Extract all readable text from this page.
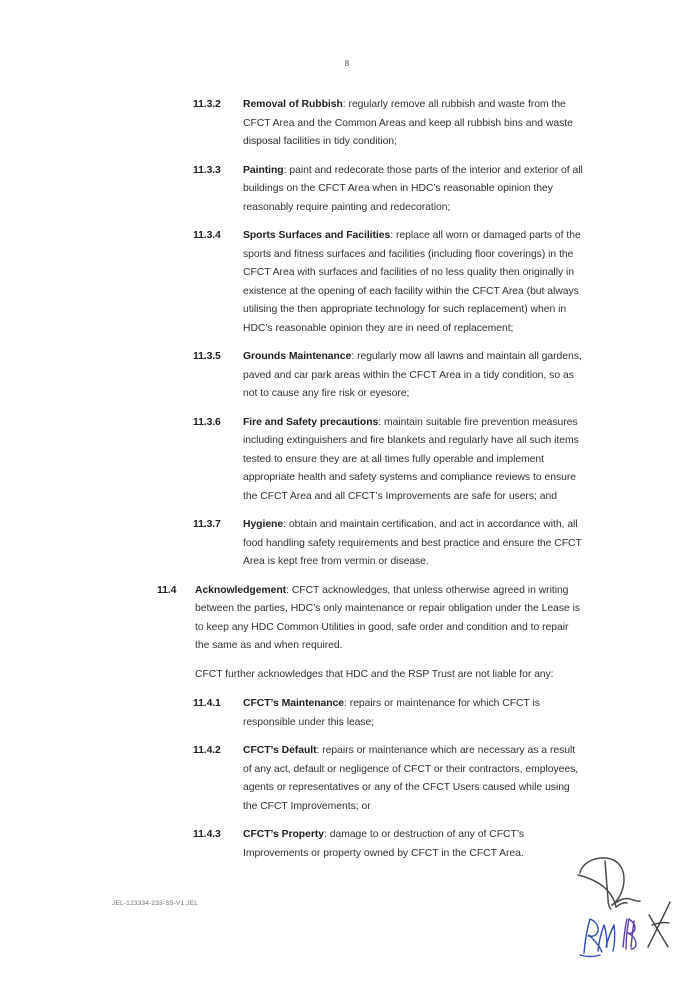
8
11.3.2	Removal of Rubbish: regularly remove all rubbish and waste from the CFCT Area and the Common Areas and keep all rubbish bins and waste disposal facilities in tidy condition;
11.3.3	Painting: paint and redecorate those parts of the interior and exterior of all buildings on the CFCT Area when in HDC’s reasonable opinion they reasonably require painting and redecoration;
11.3.4	Sports Surfaces and Facilities: replace all worn or damaged parts of the sports and fitness surfaces and facilities (including floor coverings) in the CFCT Area with surfaces and facilities of no less quality then originally in existence at the opening of each facility within the CFCT Area (but always utilising the then appropriate technology for such replacement) when in HDC’s reasonable opinion they are in need of replacement;
11.3.5	Grounds Maintenance: regularly mow all lawns and maintain all gardens, paved and car park areas within the CFCT Area in a tidy condition, so as not to cause any fire risk or eyesore;
11.3.6	Fire and Safety precautions: maintain suitable fire prevention measures including extinguishers and fire blankets and regularly have all such items tested to ensure they are at all times fully operable and implement appropriate health and safety systems and compliance reviews to ensure the CFCT Area and all CFCT’s Improvements are safe for users; and
11.3.7	Hygiene: obtain and maintain certification, and act in accordance with, all food handling safety requirements and best practice and ensure the CFCT Area is kept free from vermin or disease.
11.4	Acknowledgement: CFCT acknowledges, that unless otherwise agreed in writing between the parties, HDC’s only maintenance or repair obligation under the Lease is to keep any HDC Common Utilities in good, safe order and condition and to repair the same as and when required.
CFCT further acknowledges that HDC and the RSP Trust are not liable for any:
11.4.1	CFCT’s Maintenance: repairs or maintenance for which CFCT is responsible under this lease;
11.4.2	CFCT’s Default: repairs or maintenance which are necessary as a result of any act, default or negligence of CFCT or their contractors, employees, agents or representatives or any of the CFCT Users caused while using the CFCT Improvements; or
11.4.3	CFCT’s Property: damage to or destruction of any of CFCT’s Improvements or property owned by CFCT in the CFCT Area.
JEL-123334-233-S5-V1:JEL
